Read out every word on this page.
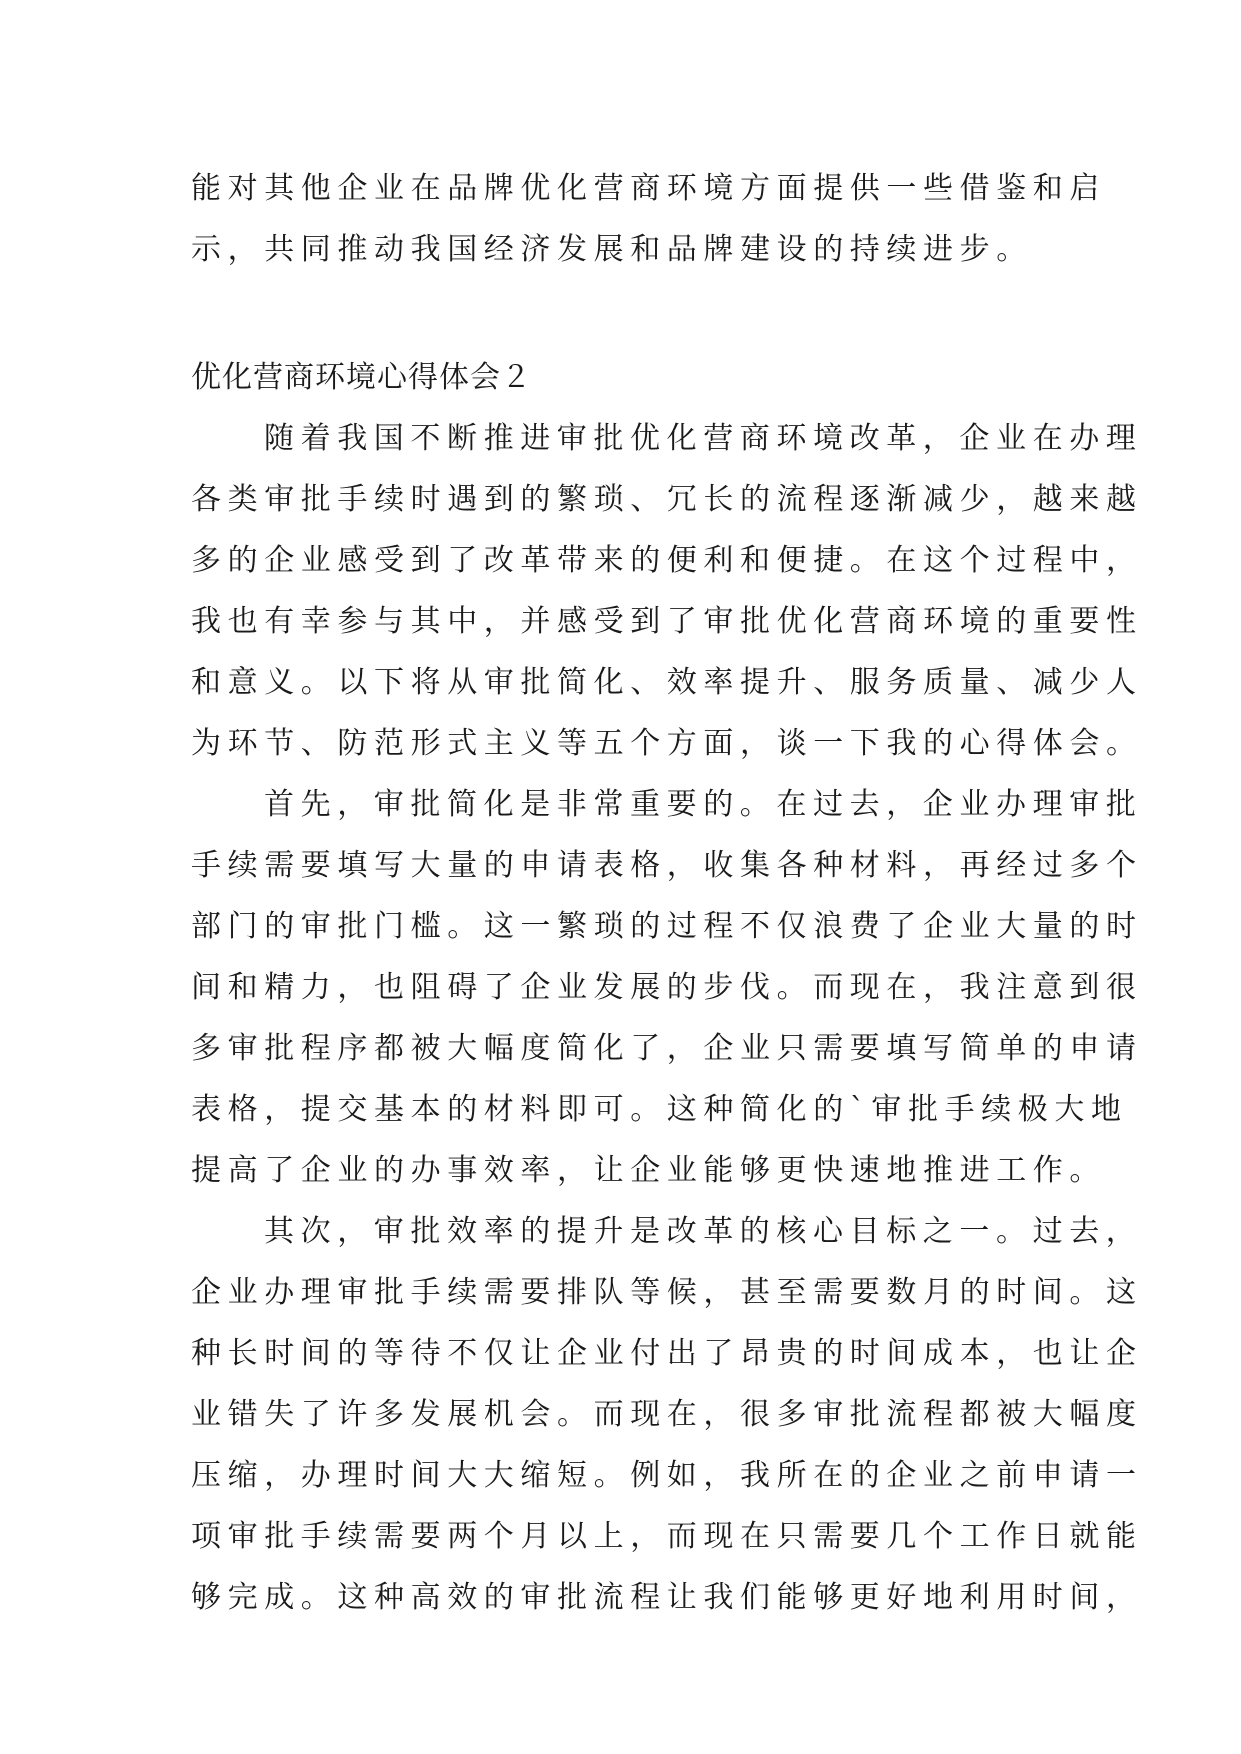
能对其他企业在品牌优化营商环境方面提供一些借鉴和启
示，共同推动我国经济发展和品牌建设的持续进步。
优化营商环境心得体会２
随着我国不断推进审批优化营商环境改革，企业在办理
各类审批手续时遇到的繁琐、冗长的流程逐渐减少，越来越
多的企业感受到了改革带来的便利和便捷。在这个过程中，
我也有幸参与其中，并感受到了审批优化营商环境的重要性
和意义。以下将从审批简化、效率提升、服务质量、减少人
为环节、防范形式主义等五个方面，谈一下我的心得体会。
首先，审批简化是非常重要的。在过去，企业办理审批
手续需要填写大量的申请表格，收集各种材料，再经过多个
部门的审批门槛。这一繁琐的过程不仅浪费了企业大量的时
间和精力，也阻碍了企业发展的步伐。而现在，我注意到很
多审批程序都被大幅度简化了，企业只需要填写简单的申请
表格，提交基本的材料即可。这种简化的`审批手续极大地
提高了企业的办事效率，让企业能够更快速地推进工作。
其次，审批效率的提升是改革的核心目标之一。过去，
企业办理审批手续需要排队等候，甚至需要数月的时间。这
种长时间的等待不仅让企业付出了昂贵的时间成本，也让企
业错失了许多发展机会。而现在，很多审批流程都被大幅度
压缩，办理时间大大缩短。例如，我所在的企业之前申请一
项审批手续需要两个月以上，而现在只需要几个工作日就能
够完成。这种高效的审批流程让我们能够更好地利用时间，
